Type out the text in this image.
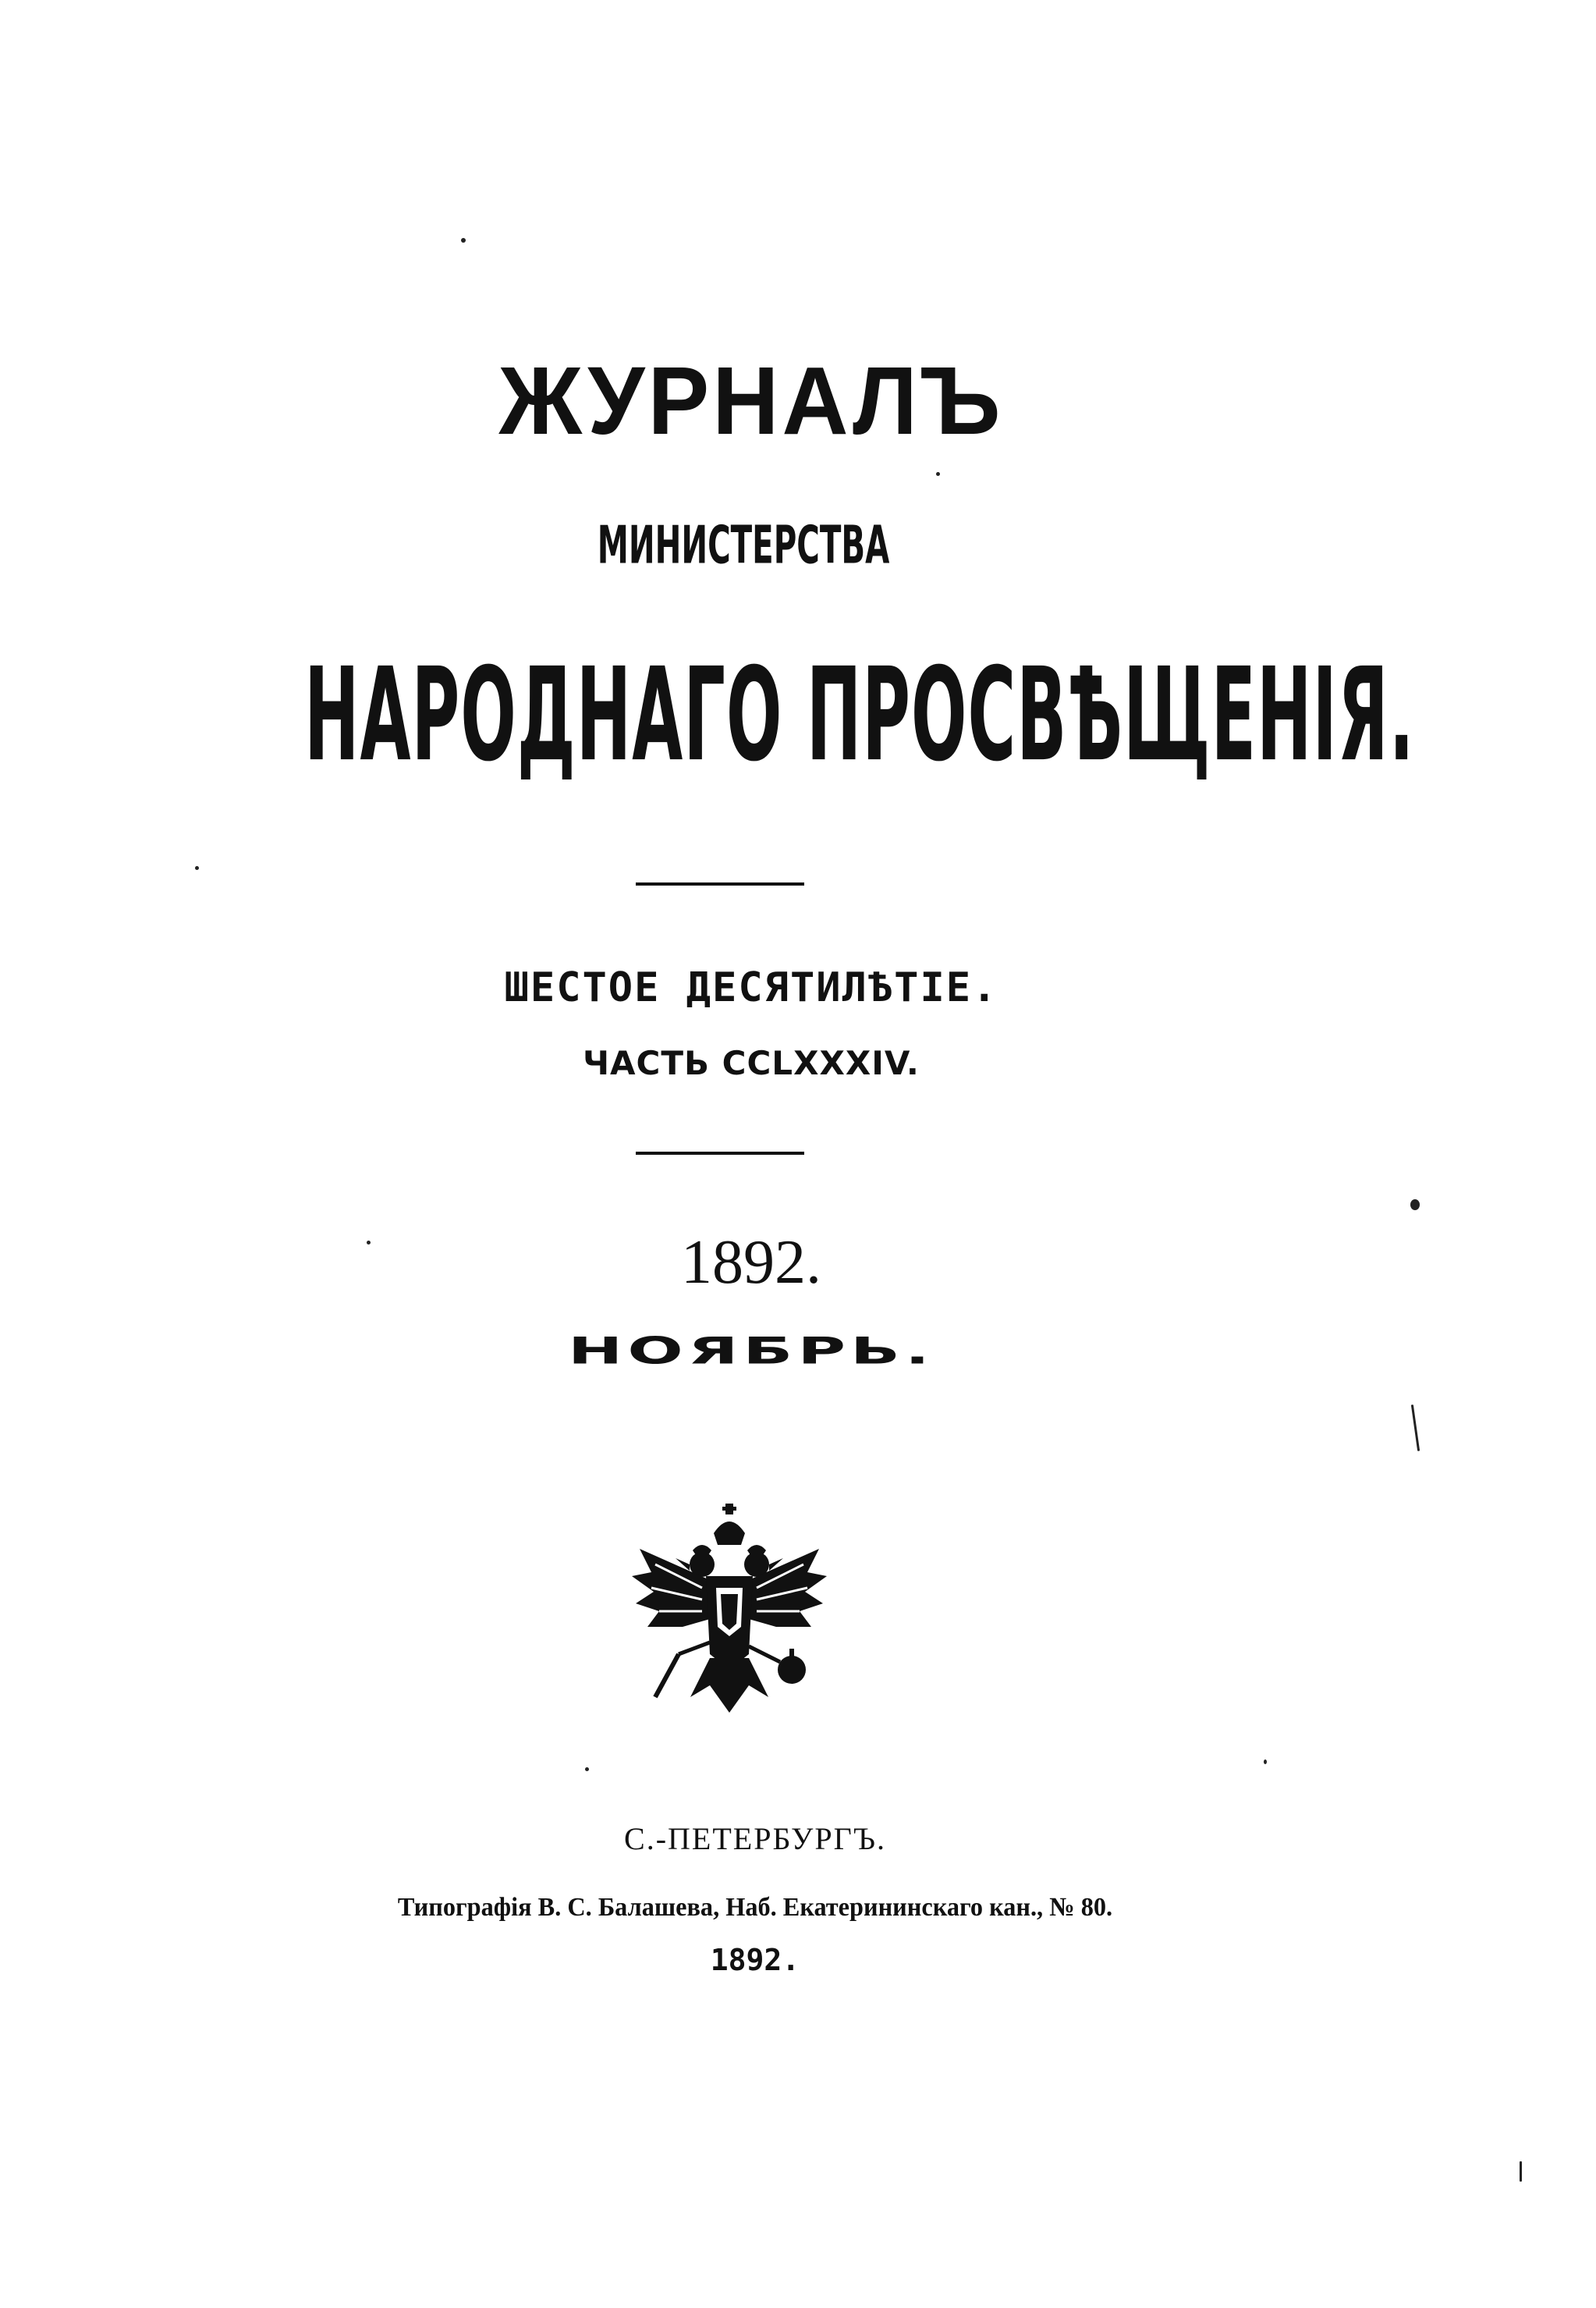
ЖУРНАЛЪ
МИНИСТЕРСТВА
НАРОДНАГО ПРОСВѢЩЕНІЯ.
ШЕСТОЕ ДЕСЯТИЛѢТІЕ.
ЧАСТЬ CCLXXXIV.
1892.
НОЯБРЬ.
С.-ПЕТЕРБУРГЪ.
Типографія В. С. Балашева, Наб. Екатерининскаго кан., № 80.
1892.
